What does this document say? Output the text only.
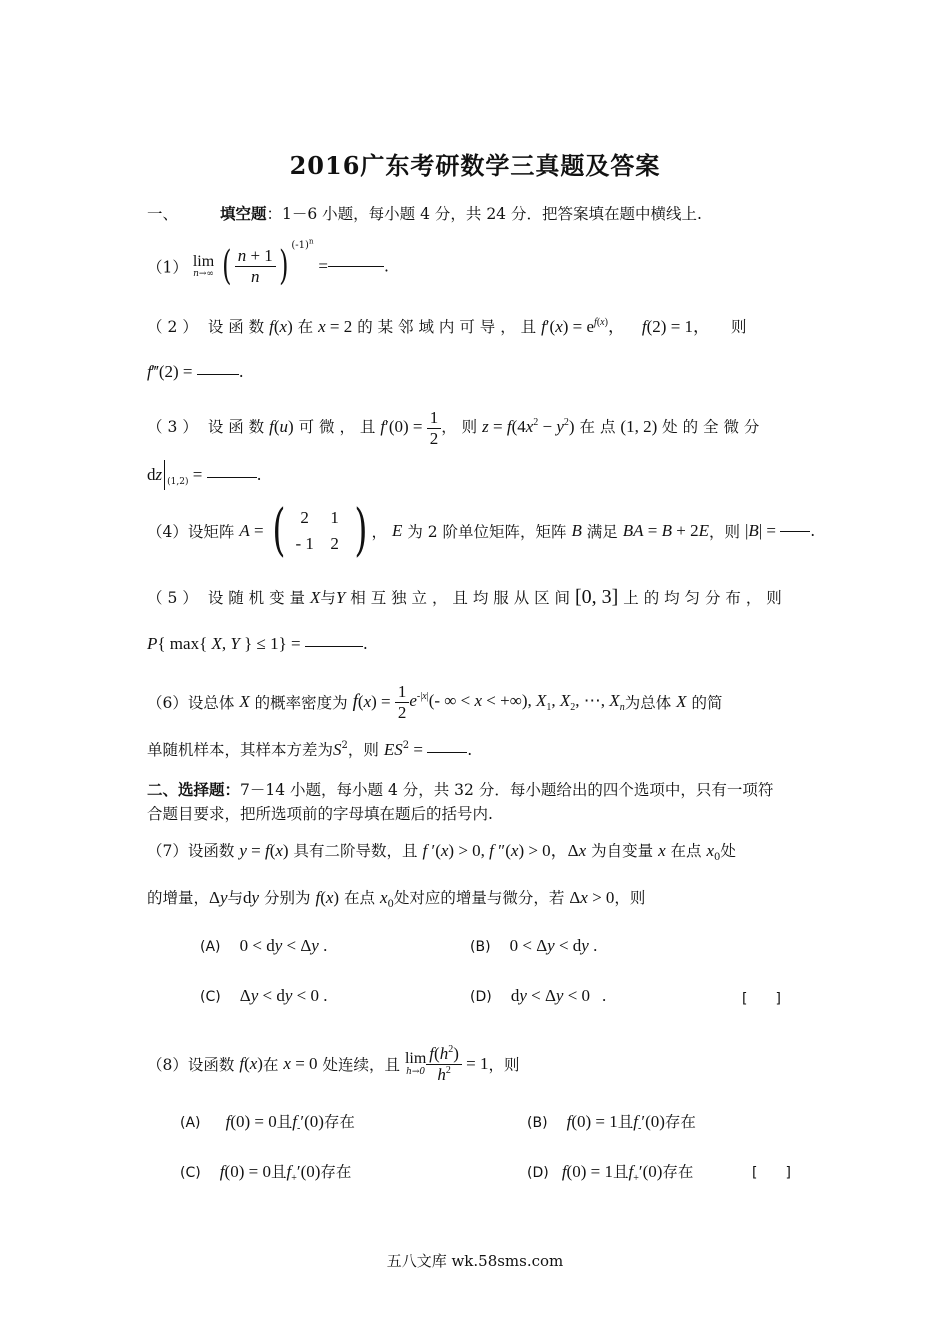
2016广东考研数学三真题及答案
一、	填空题：1－6 小题，每小题 4 分，共 24 分．把答案填在题中横线上.
（1） lim
n→∞ ( $\frac{n + 1}{n}$ ) $^{(-1)^n}$ =	.
（2） 设 函 数 f(x) 在 x = 2 的 某 邻 域 内 可 导 ， 且 $f'(x) = e^{f(x)}$， f(2) = 1， 则
f‴(2) =	.
（3） 设 函 数 f(u) 可 微 ， 且 $f'(0) = \frac{1}{2}$ ， 则 $z = f(4x^2 - y^2)$ 在 点 (1, 2) 处 的 全 微 分
dz $_{(1,2)}$ =	.
（4）设矩阵 A = ( 2	1
- 1 2 ) ， E 为 2 阶单位矩阵，矩阵 B 满足 BA = B + 2E，则 |B| = .
（5） 设 随 机 变 量 X与Y 相 互 独 立 ， 且 均 服 从 区 间 [0, 3] 上 的 均 匀 分 布 ， 则
P{ max{ X, Y } ≤ 1} =	.
（6）设总体 X 的概率密度为 $f(x) = \frac{1}{2} e^{-|x|}(-$ ∞ < x < +∞), $X_1$, $X_2$, ⋯, $X_n$为总体 X 的简
单随机样本，其样本方差为$S^2$，则 $ES^2$ =	.
二、选择题：7－14 小题，每小题 4 分，共 32 分．每小题给出的四个选项中，只有一项符
合题目要求，把所选项前的字母填在题后的括号内.
（7）设函数 y = f(x) 具有二阶导数，且 f ′(x) > 0, f ″(x) > 0，Δx 为自变量 x 在点 $x_0$处
的增量，Δy与dy 分别为 f(x) 在点 $x_0$处对应的增量与微分，若 Δx > 0，则
(A) 0 < dy < Δy .	(B) 0 < Δy < dy .
(C) Δy < dy < 0 .	(D) dy < Δy < 0 .	[　　]
（8）设函数 f(x)在 x = 0 处连续，且 lim
$h\to 0 \frac{f(h^2)}{h^2} = 1$，则
(A) f(0) = 0且$f_-'(0)$存在	(B) f(0) = 1且$f_-'(0)$存在
(C) f(0) = 0且$f_+'(0)$存在	(D) f(0) = 1且$f_+'(0)$存在	[　　]
五八文库 wk.58sms.com
